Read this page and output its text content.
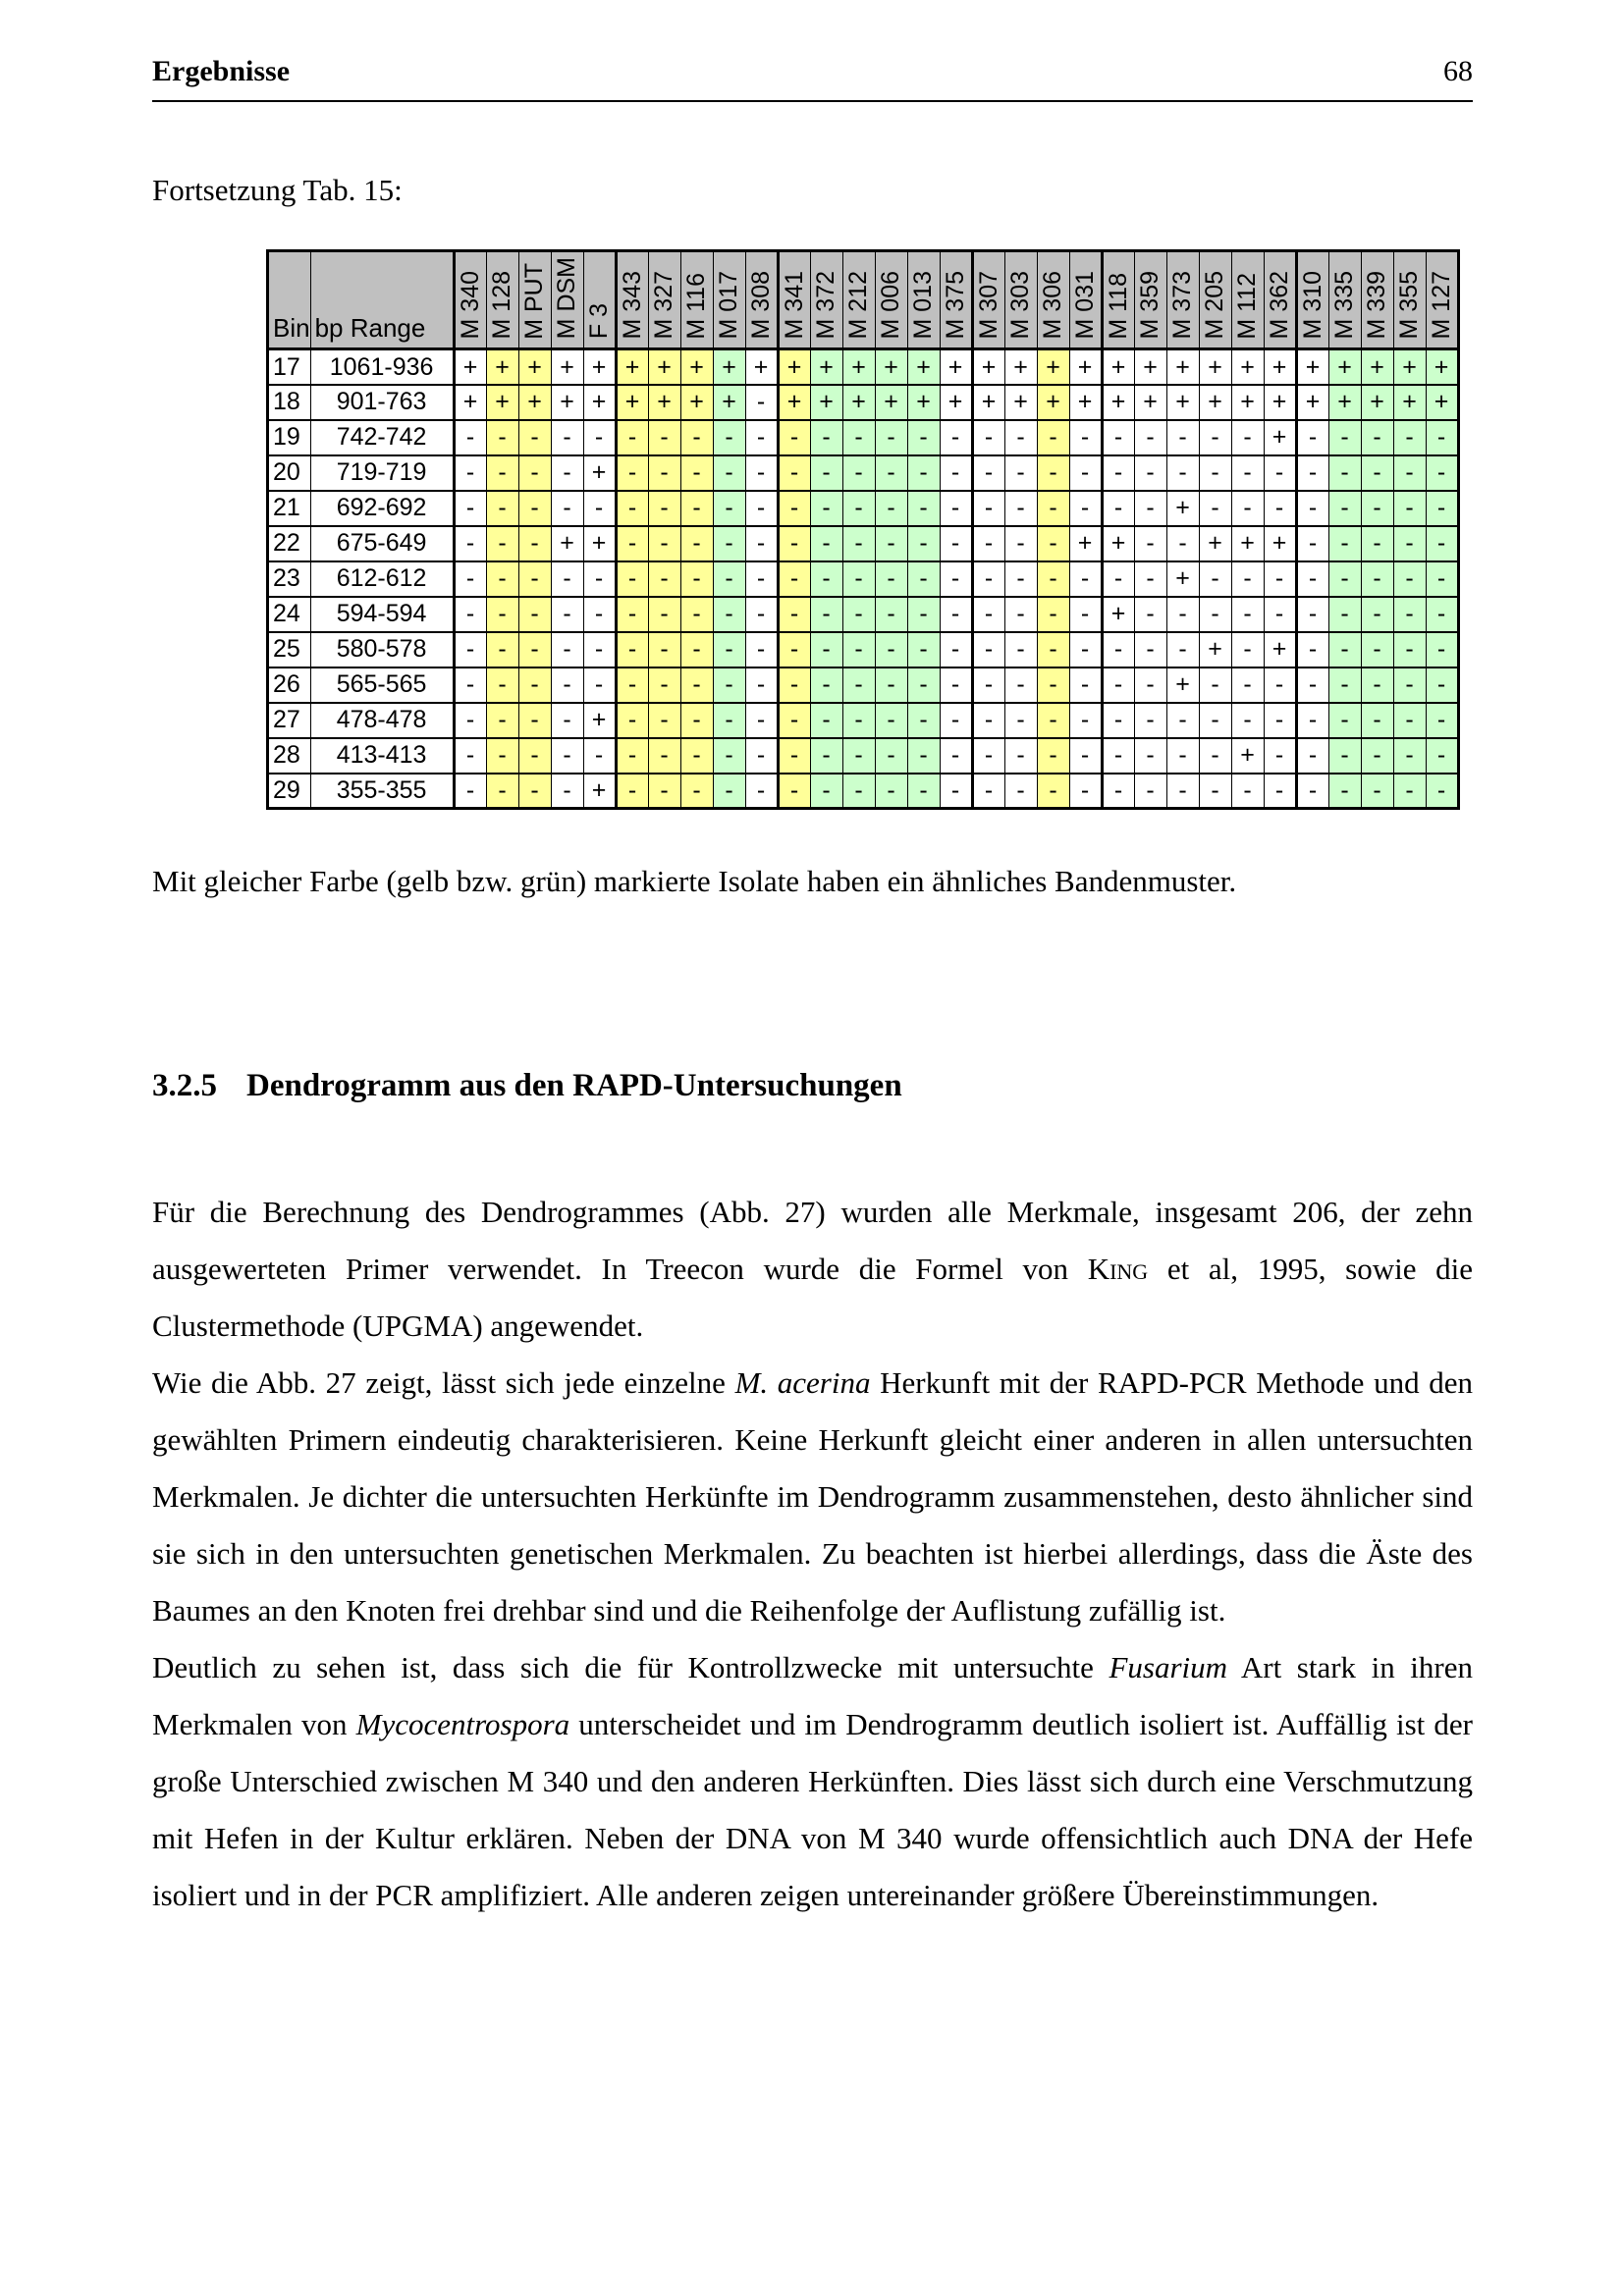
Ergebnisse	68
Fortsetzung Tab. 15:
Bin	bp Range	M 340	M 128	M PUT	M DSM	F 3	M 343	M 327	M 116	M 017	M 308	M 341	M 372	M 212	M 006	M 013	M 375	M 307	M 303	M 306	M 031	M 118	M 359	M 373	M 205	M 112	M 362	M 310	M 335	M 339	M 355	M 127
17	1061-936	+	+	+	+	+	+	+	+	+	+	+	+	+	+	+	+	+	+	+	+	+	+	+	+	+	+	+	+	+	+	+
18	901-763	+	+	+	+	+	+	+	+	+	-	+	+	+	+	+	+	+	+	+	+	+	+	+	+	+	+	+	+	+	+	+
19	742-742	-	-	-	-	-	-	-	-	-	-	-	-	-	-	-	-	-	-	-	-	-	-	-	-	-	+	-	-	-	-	-
20	719-719	-	-	-	-	+	-	-	-	-	-	-	-	-	-	-	-	-	-	-	-	-	-	-	-	-	-	-	-	-	-	-
21	692-692	-	-	-	-	-	-	-	-	-	-	-	-	-	-	-	-	-	-	-	-	-	-	+	-	-	-	-	-	-	-	-
22	675-649	-	-	-	+	+	-	-	-	-	-	-	-	-	-	-	-	-	-	-	+	+	-	-	+	+	+	-	-	-	-	-
23	612-612	-	-	-	-	-	-	-	-	-	-	-	-	-	-	-	-	-	-	-	-	-	-	+	-	-	-	-	-	-	-	-
24	594-594	-	-	-	-	-	-	-	-	-	-	-	-	-	-	-	-	-	-	-	-	+	-	-	-	-	-	-	-	-	-	-
25	580-578	-	-	-	-	-	-	-	-	-	-	-	-	-	-	-	-	-	-	-	-	-	-	-	+	-	+	-	-	-	-	-
26	565-565	-	-	-	-	-	-	-	-	-	-	-	-	-	-	-	-	-	-	-	-	-	-	+	-	-	-	-	-	-	-	-
27	478-478	-	-	-	-	+	-	-	-	-	-	-	-	-	-	-	-	-	-	-	-	-	-	-	-	-	-	-	-	-	-	-
28	413-413	-	-	-	-	-	-	-	-	-	-	-	-	-	-	-	-	-	-	-	-	-	-	-	-	+	-	-	-	-	-	-
29	355-355	-	-	-	-	+	-	-	-	-	-	-	-	-	-	-	-	-	-	-	-	-	-	-	-	-	-	-	-	-	-	-
Mit gleicher Farbe (gelb bzw. grün) markierte Isolate haben ein ähnliches Bandenmuster.
3.2.5 Dendrogramm aus den RAPD-Untersuchungen

Für die Berechnung des Dendrogrammes (Abb. 27) wurden alle Merkmale, insgesamt 206, der zehn ausgewerteten Primer verwendet. In Treecon wurde die Formel von King et al, 1995, sowie die Clustermethode (UPGMA) angewendet.

Wie die Abb. 27 zeigt, lässt sich jede einzelne M. acerina Herkunft mit der RAPD-PCR Methode und den gewählten Primern eindeutig charakterisieren. Keine Herkunft gleicht einer anderen in allen untersuchten Merkmalen. Je dichter die untersuchten Herkünfte im Dendrogramm zusammenstehen, desto ähnlicher sind sie sich in den untersuchten genetischen Merkmalen. Zu beachten ist hierbei allerdings, dass die Äste des Baumes an den Knoten frei drehbar sind und die Reihenfolge der Auflistung zufällig ist.

Deutlich zu sehen ist, dass sich die für Kontrollzwecke mit untersuchte Fusarium Art stark in ihren Merkmalen von Mycocentrospora unterscheidet und im Dendrogramm deutlich isoliert ist. Auffällig ist der große Unterschied zwischen M 340 und den anderen Herkünften. Dies lässt sich durch eine Verschmutzung mit Hefen in der Kultur erklären. Neben der DNA von M 340 wurde offensichtlich auch DNA der Hefe isoliert und in der PCR amplifiziert. Alle anderen zeigen untereinander größere Übereinstimmungen.
